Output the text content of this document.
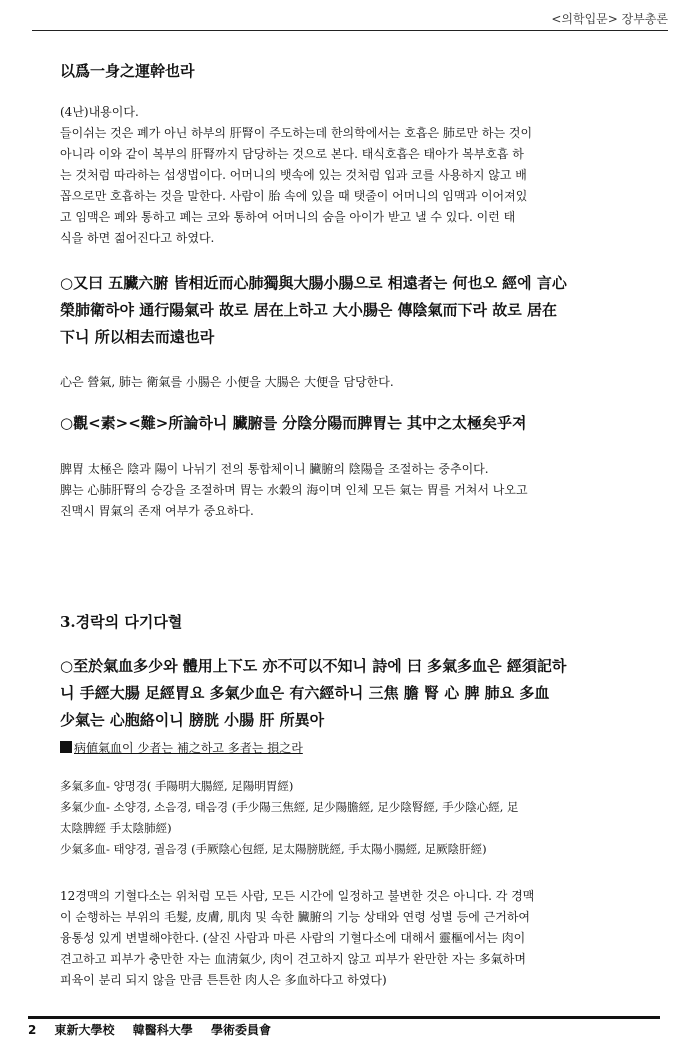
<의학입문> 장부총론
以爲一身之運幹也라
(4난)내용이다.
들이쉬는 것은 폐가 아닌 하부의 肝腎이 주도하는데 한의학에서는 호흡은 肺로만 하는 것이
아니라 이와 같이 복부의 肝腎까지 담당하는 것으로 본다. 태식호흡은 태아가 복부호흡 하
는 것처럼 따라하는 섭생법이다. 어머니의 뱃속에 있는 것처럼 입과 코를 사용하지 않고 배
꼽으로만 호흡하는 것을 말한다. 사람이 胎 속에 있을 때 탯줄이 어머니의 임맥과 이어져있
고 임맥은 폐와 통하고 폐는 코와 통하여 어머니의 숨을 아이가 받고 낼 수 있다. 이런 태
식을 하면 젊어진다고 하였다.
○又曰 五臟六腑 皆相近而心肺獨與大腸小腸으로 相遠者는 何也오 經에 言心
榮肺衛하야 通行陽氣라 故로 居在上하고 大小腸은 傳陰氣而下라 故로 居在
下니 所以相去而遠也라
心은 營氣, 肺는 衛氣를 小腸은 小便을 大腸은 大便을 담당한다.
○觀<素><難>所論하니 臟腑를 分陰分陽而脾胃는 其中之太極矣乎져
脾胃 太極은 陰과 陽이 나뉘기 전의 통합체이니 臟腑의 陰陽을 조절하는 중추이다.
脾는 心肺肝腎의 승강을 조절하며 胃는 水穀의 海이며 인체 모든 氣는 胃를 거쳐서 나오고
진맥시 胃氣의 존재 여부가 중요하다.
3.경락의 다기다혈
○至於氣血多少와 體用上下도 亦不可以不知니 詩에 曰 多氣多血은 經須記하
니 手經大腸 足經胃요 多氣少血은 有六經하니 三焦 膽 腎 心 脾 肺요 多血
少氣는 心胞絡이니 膀胱 小腸 肝 所異아
病値氣血이 少者는 補之하고 多者는 損之라
多氣多血- 양명경( 手陽明大腸經, 足陽明胃經)
多氣少血- 소양경, 소음경, 태음경 (手少陽三焦經, 足少陽膽經, 足少陰腎經, 手少陰心經, 足
太陰脾經 手太陰肺經)
少氣多血- 태양경, 궐음경 (手厥陰心包經, 足太陽膀胱經, 手太陽小腸經, 足厥陰肝經)
12경맥의 기혈다소는 위처럼 모든 사람, 모든 시간에 일정하고 불변한 것은 아니다. 각 경맥
이 순행하는 부위의 毛髮, 皮膚, 肌肉 및 속한 臟腑의 기능 상태와 연령 성별 등에 근거하여
융통성 있게 변별해야한다. (살진 사람과 마른 사람의 기혈다소에 대해서 靈樞에서는 肉이
견고하고 피부가 충만한 자는 血淸氣少, 肉이 견고하지 않고 피부가 완만한 자는 多氣하며
피육이 분리 되지 않을 만큼 튼튼한 肉人은 多血하다고 하였다)
2 東新大學校 韓醫科大學 學術委員會
